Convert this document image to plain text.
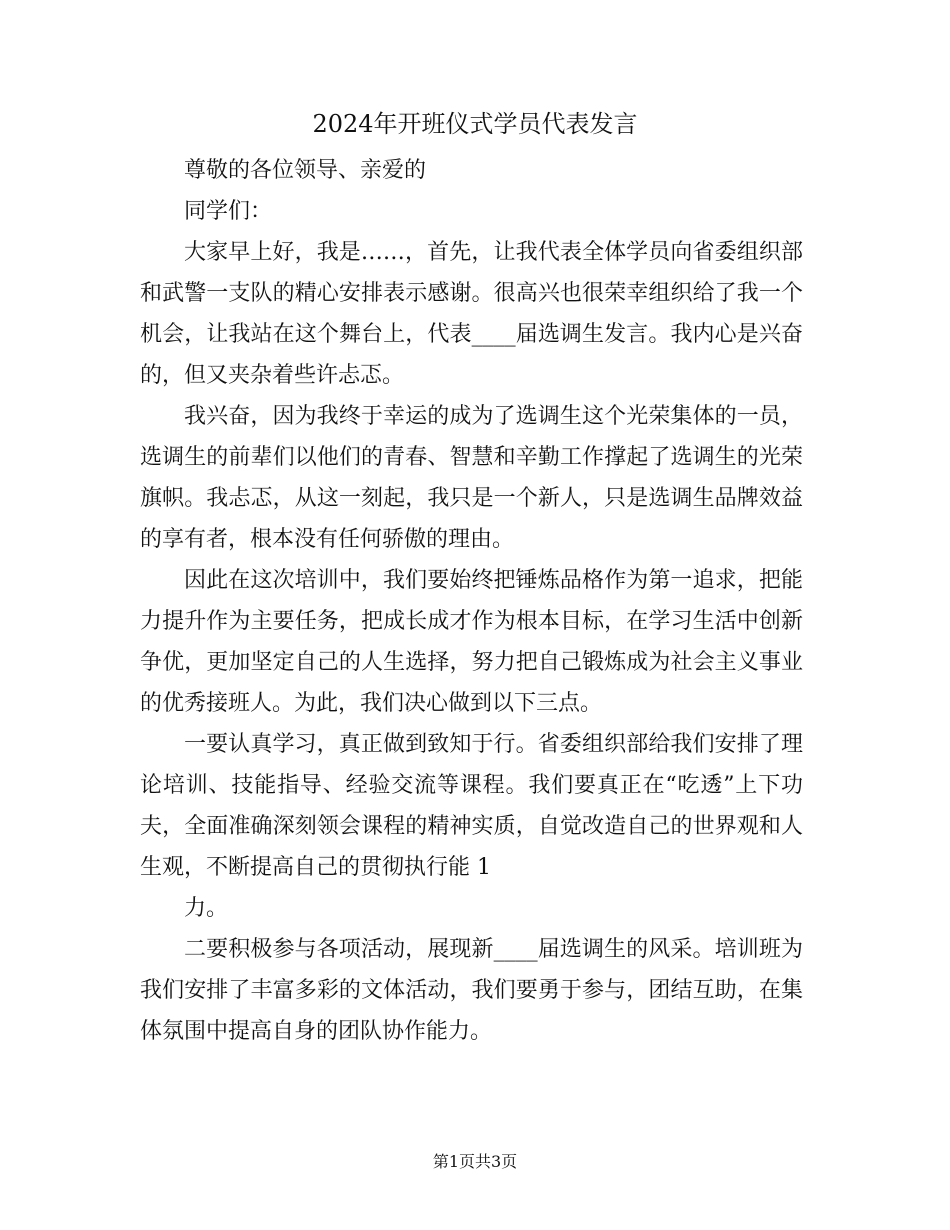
2024年开班仪式学员代表发言

尊敬的各位领导、亲爱的

同学们：

大家早上好，我是……，首先，让我代表全体学员向省委组织部和武警一支队的精心安排表示感谢。很高兴也很荣幸组织给了我一个机会，让我站在这个舞台上，代表____届选调生发言。我内心是兴奋的，但又夹杂着些许忐忑。

我兴奋，因为我终于幸运的成为了选调生这个光荣集体的一员，选调生的前辈们以他们的青春、智慧和辛勤工作撑起了选调生的光荣旗帜。我忐忑，从这一刻起，我只是一个新人，只是选调生品牌效益的享有者，根本没有任何骄傲的理由。

因此在这次培训中，我们要始终把锤炼品格作为第一追求，把能力提升作为主要任务，把成长成才作为根本目标，在学习生活中创新争优，更加坚定自己的人生选择，努力把自己锻炼成为社会主义事业的优秀接班人。为此，我们决心做到以下三点。

一要认真学习，真正做到致知于行。省委组织部给我们安排了理论培训、技能指导、经验交流等课程。我们要真正在“吃透”上下功夫，全面准确深刻领会课程的精神实质，自觉改造自己的世界观和人生观，不断提高自己的贯彻执行能 1

力。

二要积极参与各项活动，展现新____届选调生的风采。培训班为我们安排了丰富多彩的文体活动，我们要勇于参与，团结互助，在集体氛围中提高自身的团队协作能力。

第1页共3页
